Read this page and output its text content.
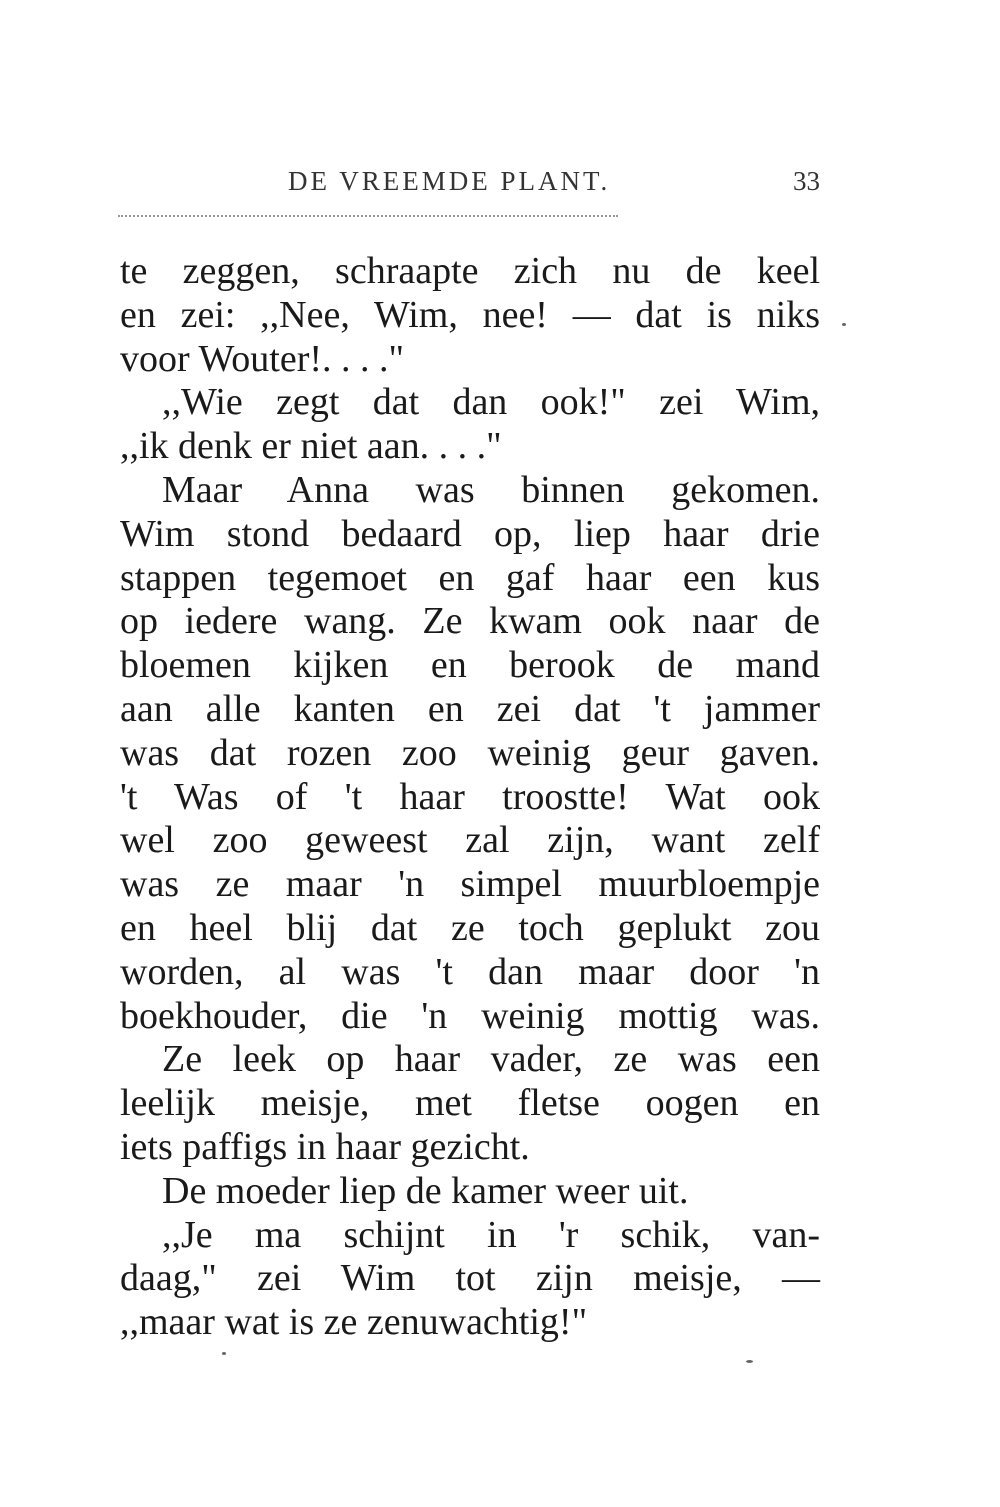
DE VREEMDE PLANT.	33
te zeggen, schraapte zich nu de keel
en zei: ,,Nee, Wim, nee! — dat is niks
voor Wouter!. . . ."
,,Wie zegt dat dan ook!" zei Wim,
,,ik denk er niet aan. . . ."
Maar Anna was binnen gekomen.
Wim stond bedaard op, liep haar drie
stappen tegemoet en gaf haar een kus
op iedere wang. Ze kwam ook naar de
bloemen kijken en berook de mand
aan alle kanten en zei dat 't jammer
was dat rozen zoo weinig geur gaven.
't Was of 't haar troostte! Wat ook
wel zoo geweest zal zijn, want zelf
was ze maar 'n simpel muurbloempje
en heel blij dat ze toch geplukt zou
worden, al was 't dan maar door 'n
boekhouder, die 'n weinig mottig was.
Ze leek op haar vader, ze was een
leelijk meisje, met fletse oogen en
iets paffigs in haar gezicht.
De moeder liep de kamer weer uit.
,,Je ma schijnt in 'r schik, van-
daag," zei Wim tot zijn meisje, —
,,maar wat is ze zenuwachtig!"
